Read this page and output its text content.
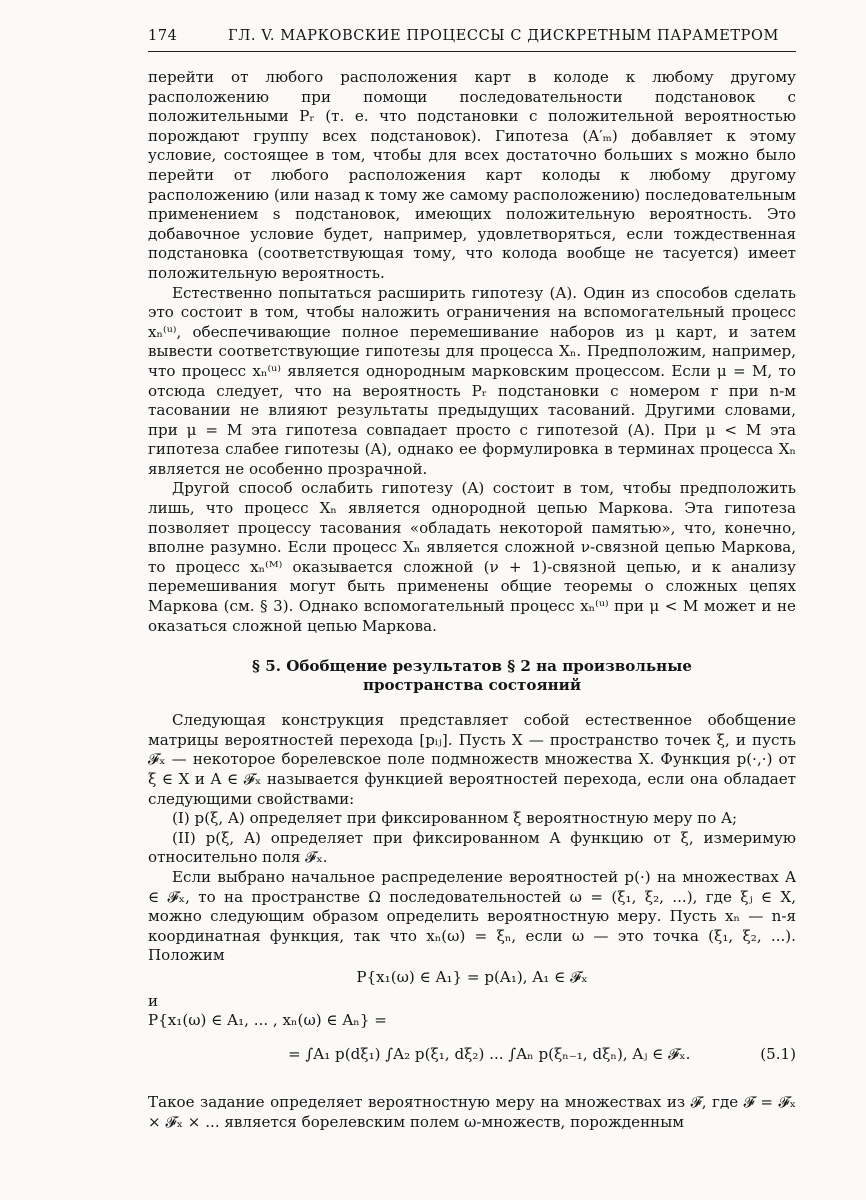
174	ГЛ. V. МАРКОВСКИЕ ПРОЦЕССЫ С ДИСКРЕТНЫМ ПАРАМЕТРОМ

перейти от любого расположения карт в колоде к любому другому расположению при помощи последовательности подстановок с положительными Pᵣ (т. е. что подстановки с положительной вероятностью порождают группу всех подстановок). Гипотеза (A′ₘ) добавляет к этому условие, состоящее в том, чтобы для всех достаточно больших s можно было перейти от любого расположения карт колоды к любому другому расположению (или назад к тому же самому расположению) последовательным применением s подстановок, имеющих положительную вероятность. Это добавочное условие будет, например, удовлетворяться, если тождественная подстановка (соответствующая тому, что колода вообще не тасуется) имеет положительную вероятность.

Естественно попытаться расширить гипотезу (A). Один из способов сделать это состоит в том, чтобы наложить ограничения на вспомогательный процесс xₙ⁽ᵘ⁾, обеспечивающие полное перемешивание наборов из μ карт, и затем вывести соответствующие гипотезы для процесса Xₙ. Предположим, например, что процесс xₙ⁽ᵘ⁾ является однородным марковским процессом. Если μ = M, то отсюда следует, что на вероятность Pᵣ подстановки с номером r при n-м тасовании не влияют результаты предыдущих тасований. Другими словами, при μ = M эта гипотеза совпадает просто с гипотезой (A). При μ < M эта гипотеза слабее гипотезы (A), однако ее формулировка в терминах процесса Xₙ является не особенно прозрачной.

Другой способ ослабить гипотезу (A) состоит в том, чтобы предположить лишь, что процесс Xₙ является однородной цепью Маркова. Эта гипотеза позволяет процессу тасования «обладать некоторой памятью», что, конечно, вполне разумно. Если процесс Xₙ является сложной ν-связной цепью Маркова, то процесс xₙ⁽ᴹ⁾ оказывается сложной (ν + 1)-связной цепью, и к анализу перемешивания могут быть применены общие теоремы о сложных цепях Маркова (см. § 3). Однако вспомогательный процесс xₙ⁽ᵘ⁾ при μ < M может и не оказаться сложной цепью Маркова.

§ 5. Обобщение результатов § 2 на произвольные
пространства состояний

Следующая конструкция представляет собой естественное обобщение матрицы вероятностей перехода [pᵢⱼ]. Пусть X — пространство точек ξ, и пусть 𝓕ₓ — некоторое борелевское поле подмножеств множества X. Функция p(·,·) от ξ ∈ X и A ∈ 𝓕ₓ называется функцией вероятностей перехода, если она обладает следующими свойствами:

(I) p(ξ, A) определяет при фиксированном ξ вероятностную меру по A;

(II) p(ξ, A) определяет при фиксированном A функцию от ξ, измеримую относительно поля 𝓕ₓ.

Если выбрано начальное распределение вероятностей p(·) на множествах A ∈ 𝓕ₓ, то на пространстве Ω последовательностей ω = (ξ₁, ξ₂, ...), где ξⱼ ∈ X, можно следующим образом определить вероятностную меру. Пусть xₙ — n-я координатная функция, так что xₙ(ω) = ξₙ, если ω — это точка (ξ₁, ξ₂, ...). Положим

P{x₁(ω) ∈ A₁} = p(A₁), A₁ ∈ 𝓕ₓ

и

P{x₁(ω) ∈ A₁, ... , xₙ(ω) ∈ Aₙ} =

= ∫A₁ p(dξ₁) ∫A₂ p(ξ₁, dξ₂) ... ∫Aₙ p(ξₙ₋₁, dξₙ), Aⱼ ∈ 𝓕ₓ.	(5.1)

Такое задание определяет вероятностную меру на множествах из 𝓕, где 𝓕 = 𝓕ₓ × 𝓕ₓ × ... является борелевским полем ω-множеств, порожденным
